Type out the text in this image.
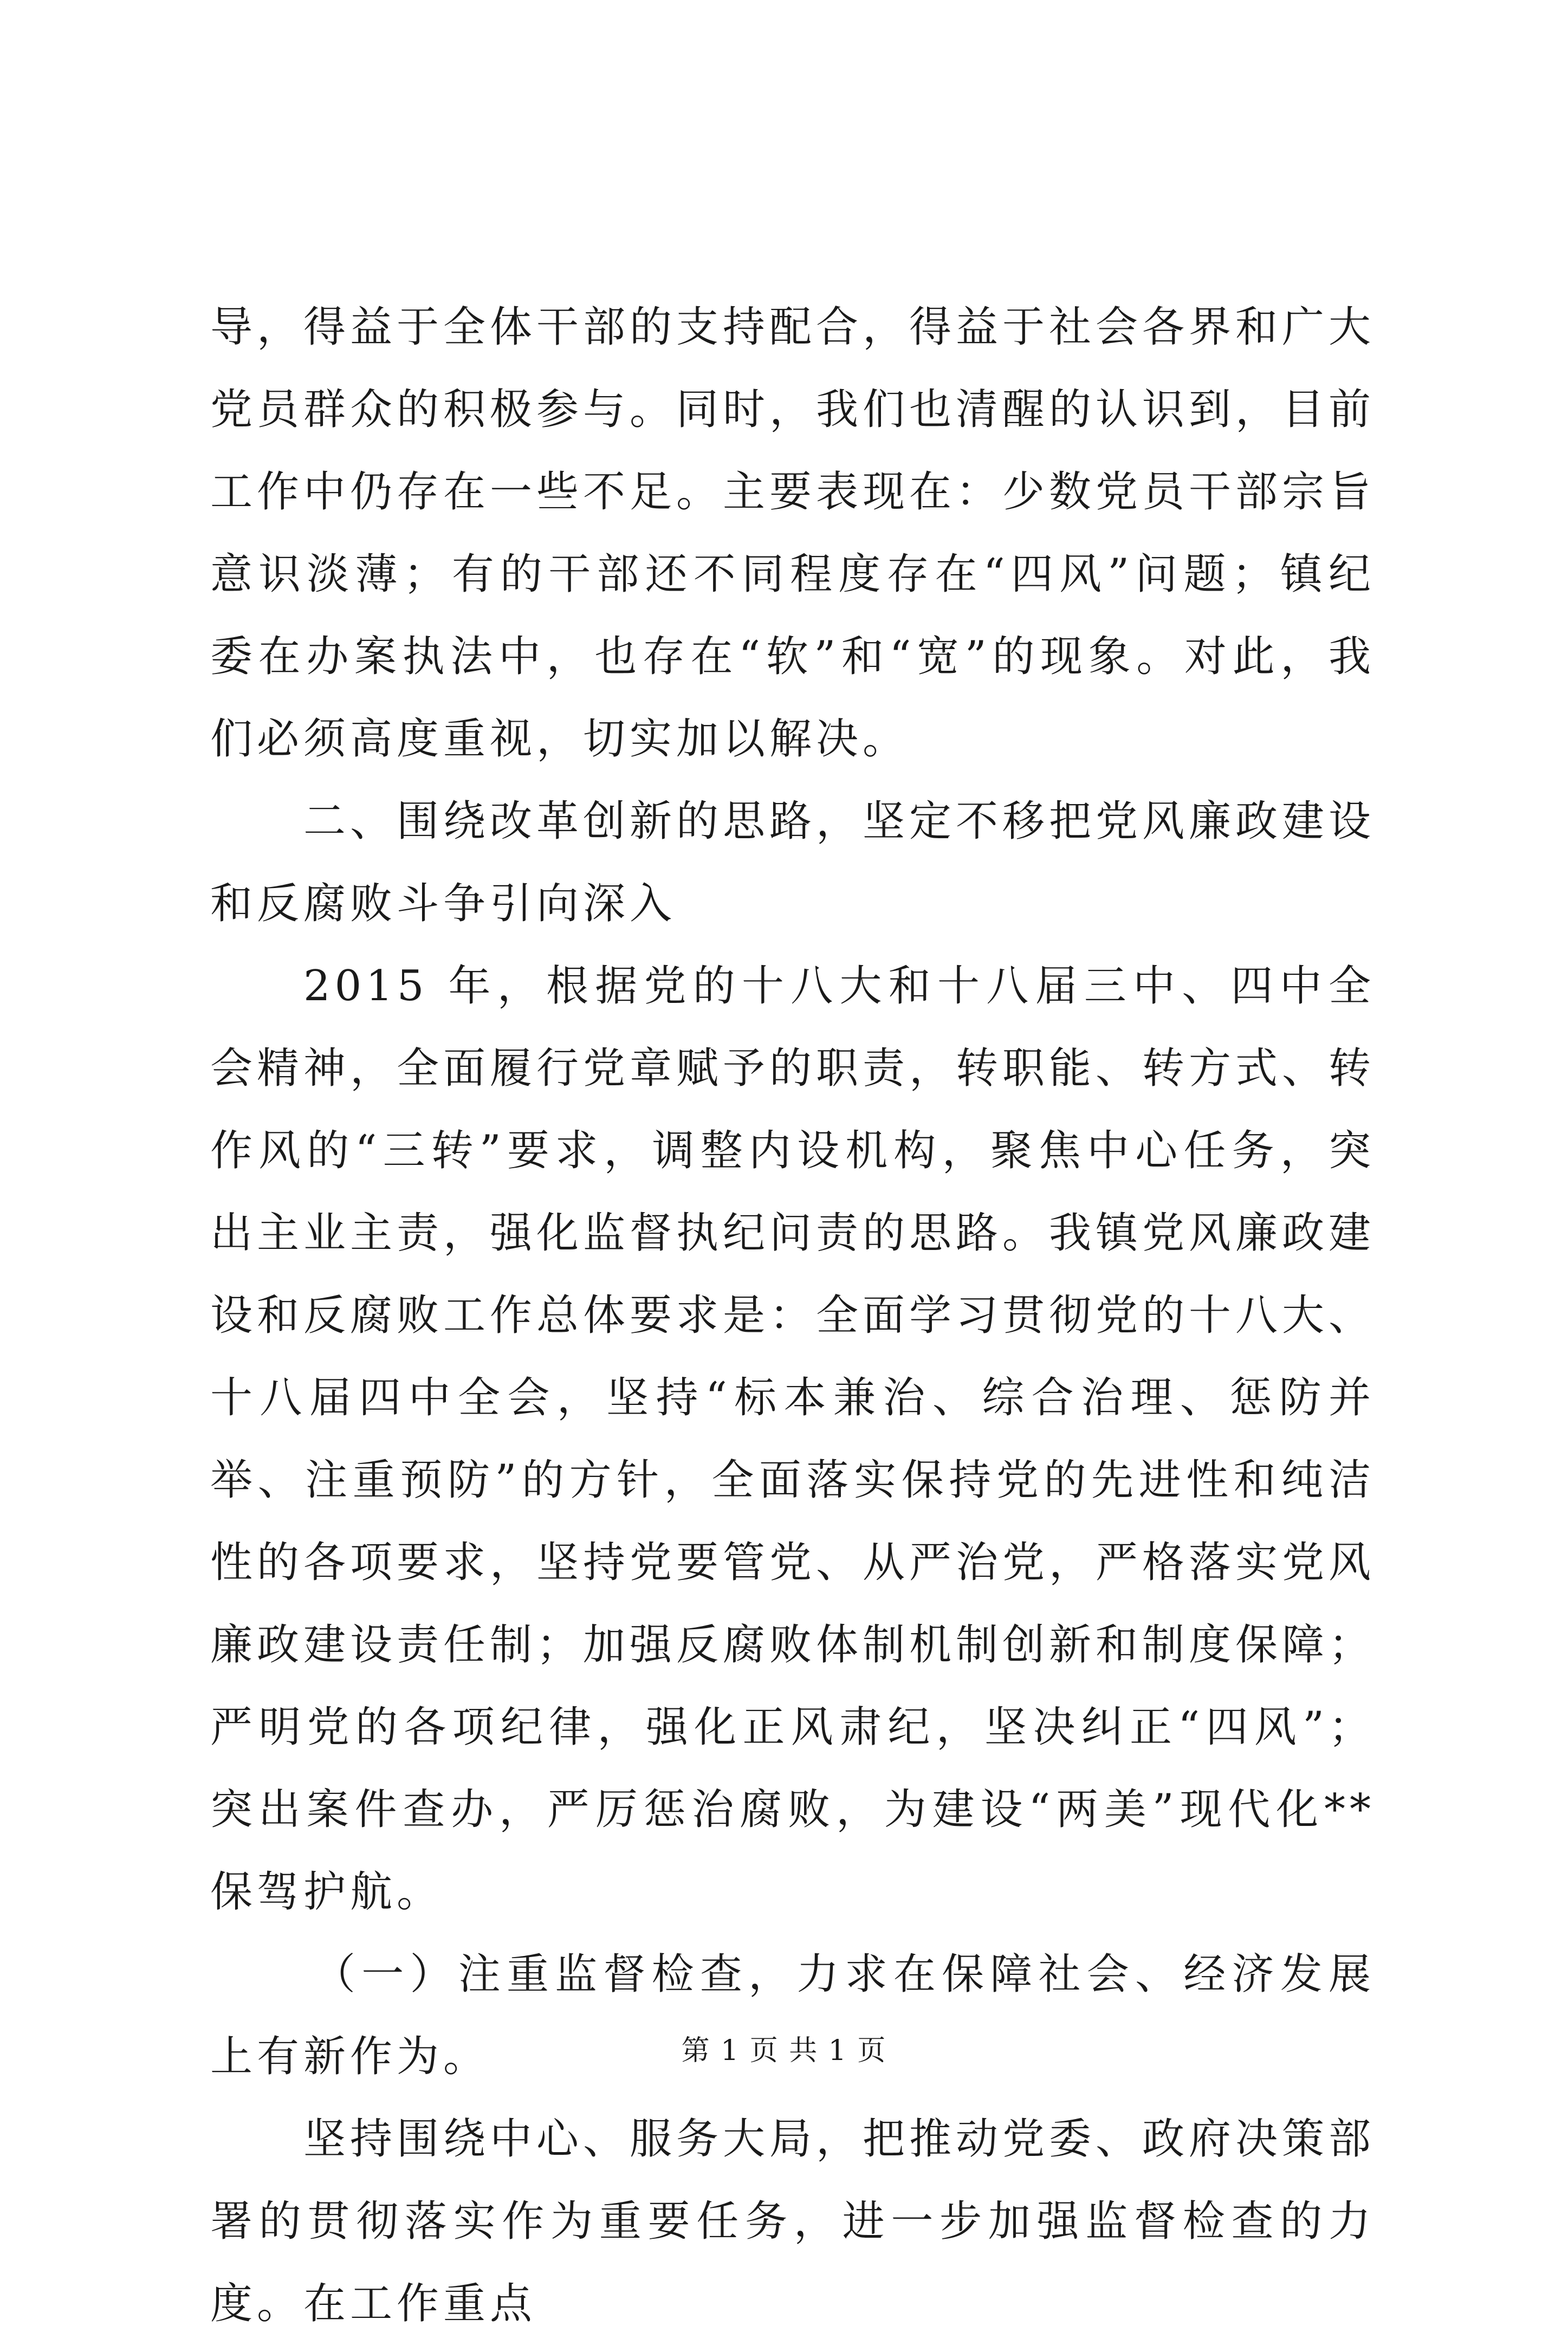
导，得益于全体干部的支持配合，得益于社会各界和广大党员群众的积极参与。同时，我们也清醒的认识到，目前工作中仍存在一些不足。主要表现在：少数党员干部宗旨意识淡薄；有的干部还不同程度存在“四风”问题；镇纪委在办案执法中，也存在“软”和“宽”的现象。对此，我们必须高度重视，切实加以解决。

二、围绕改革创新的思路，坚定不移把党风廉政建设和反腐败斗争引向深入

2015 年，根据党的十八大和十八届三中、四中全会精神，全面履行党章赋予的职责，转职能、转方式、转作风的“三转”要求，调整内设机构，聚焦中心任务，突出主业主责，强化监督执纪问责的思路。我镇党风廉政建设和反腐败工作总体要求是：全面学习贯彻党的十八大、十八届四中全会，坚持“标本兼治、综合治理、惩防并举、注重预防”的方针，全面落实保持党的先进性和纯洁性的各项要求，坚持党要管党、从严治党，严格落实党风廉政建设责任制；加强反腐败体制机制创新和制度保障；严明党的各项纪律，强化正风肃纪，坚决纠正“四风”；突出案件查办，严厉惩治腐败，为建设“两美”现代化**保驾护航。

（一）注重监督检查，力求在保障社会、经济发展上有新作为。

坚持围绕中心、服务大局，把推动党委、政府决策部署的贯彻落实作为重要任务，进一步加强监督检查的力度。在工作重点

第 1 页 共 1 页
